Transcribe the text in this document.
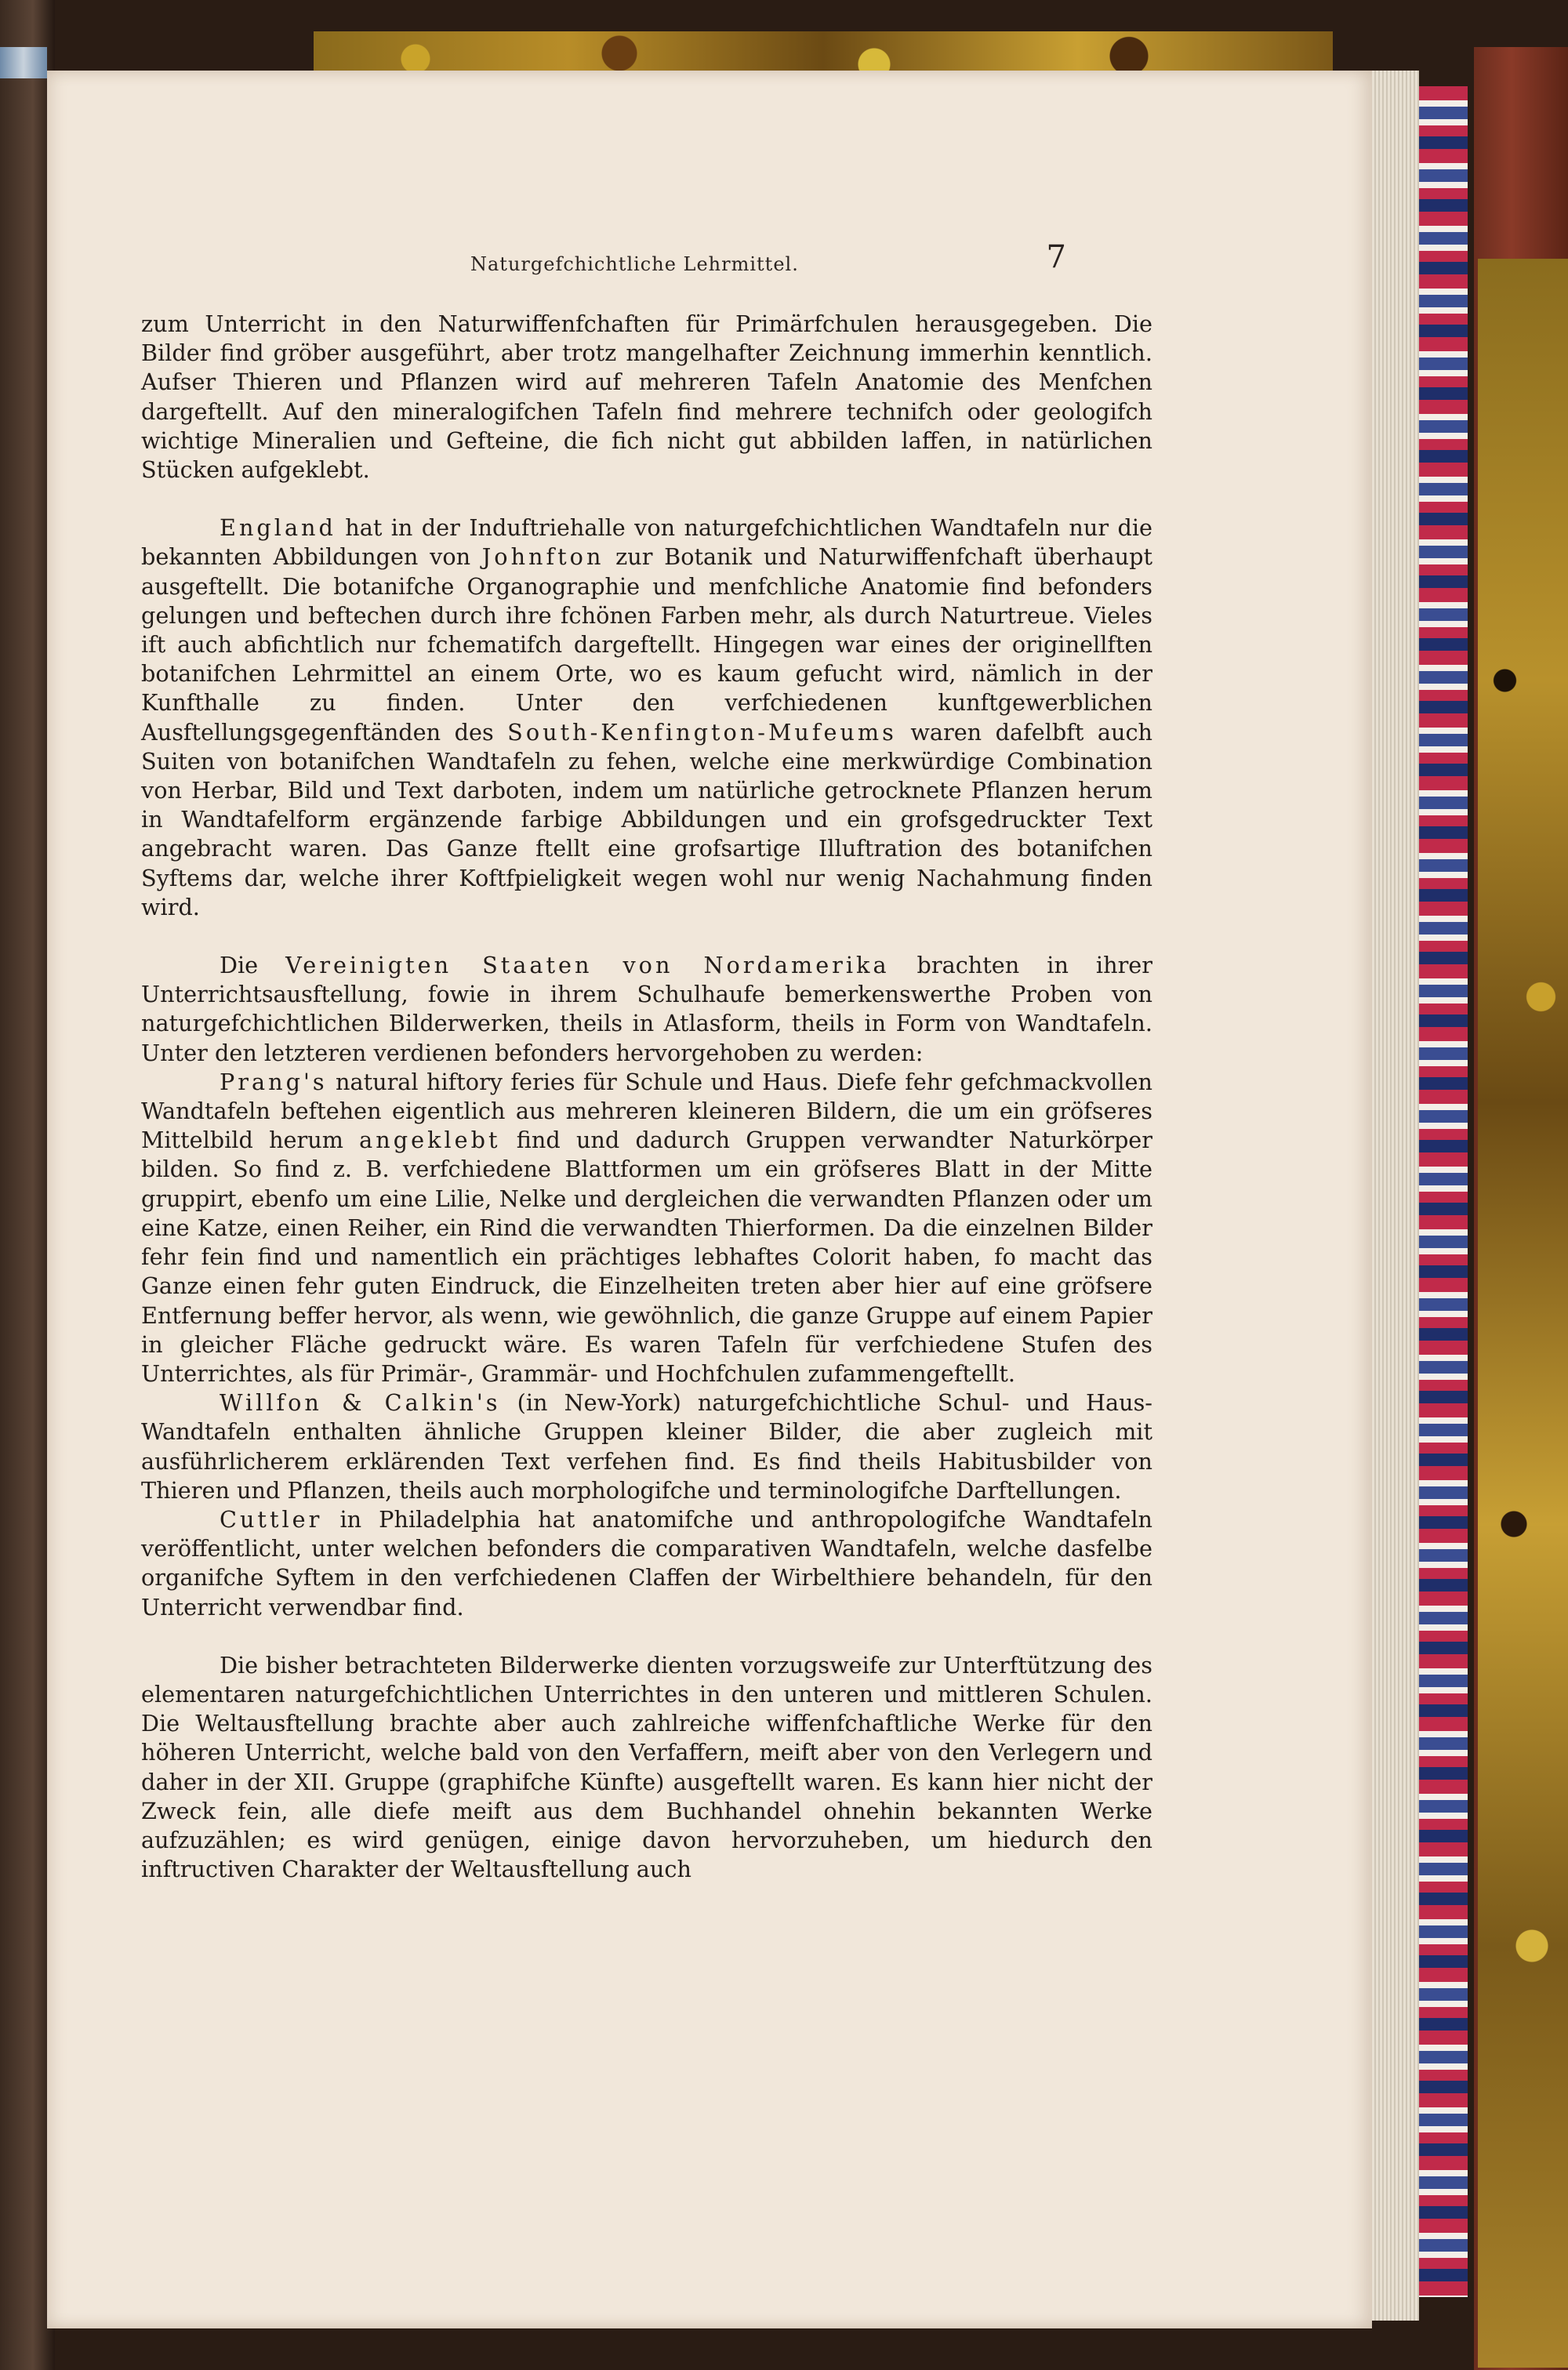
Naturgefchichtliche Lehrmittel.	7

zum Unterricht in den Naturwiffenfchaften für Primärfchulen herausgegeben. Die Bilder find gröber ausgeführt, aber trotz mangelhafter Zeichnung immerhin kenntlich. Aufser Thieren und Pflanzen wird auf mehreren Tafeln Anatomie des Menfchen dargeftellt. Auf den mineralogifchen Tafeln find mehrere technifch oder geologifch wichtige Mineralien und Gefteine, die fich nicht gut abbilden laffen, in natürlichen Stücken aufgeklebt.

England hat in der Induftriehalle von naturgefchichtlichen Wandtafeln nur die bekannten Abbildungen von Johnfton zur Botanik und Naturwiffenfchaft überhaupt ausgeftellt. Die botanifche Organographie und menfchliche Anatomie find befonders gelungen und beftechen durch ihre fchönen Farben mehr, als durch Naturtreue. Vieles ift auch abfichtlich nur fchematifch dargeftellt. Hingegen war eines der originellften botanifchen Lehrmittel an einem Orte, wo es kaum gefucht wird, nämlich in der Kunfthalle zu finden. Unter den verfchiedenen kunftgewerblichen Ausftellungsgegenftänden des South-Kenfington-Mufeums waren dafelbft auch Suiten von botanifchen Wandtafeln zu fehen, welche eine merkwürdige Combination von Herbar, Bild und Text darboten, indem um natürliche getrocknete Pflanzen herum in Wandtafelform ergänzende farbige Abbildungen und ein grofsgedruckter Text angebracht waren. Das Ganze ftellt eine grofsartige Illuftration des botanifchen Syftems dar, welche ihrer Koftfpieligkeit wegen wohl nur wenig Nachahmung finden wird.

Die Vereinigten Staaten von Nordamerika brachten in ihrer Unterrichtsausftellung, fowie in ihrem Schulhaufe bemerkenswerthe Proben von naturgefchichtlichen Bilderwerken, theils in Atlasform, theils in Form von Wandtafeln. Unter den letzteren verdienen befonders hervorgehoben zu werden:

Prang's natural hiftory feries für Schule und Haus. Diefe fehr gefchmackvollen Wandtafeln beftehen eigentlich aus mehreren kleineren Bildern, die um ein gröfseres Mittelbild herum angeklebt find und dadurch Gruppen verwandter Naturkörper bilden. So find z. B. verfchiedene Blattformen um ein gröfseres Blatt in der Mitte gruppirt, ebenfo um eine Lilie, Nelke und dergleichen die verwandten Pflanzen oder um eine Katze, einen Reiher, ein Rind die verwandten Thierformen. Da die einzelnen Bilder fehr fein find und namentlich ein prächtiges lebhaftes Colorit haben, fo macht das Ganze einen fehr guten Eindruck, die Einzelheiten treten aber hier auf eine gröfsere Entfernung beffer hervor, als wenn, wie gewöhnlich, die ganze Gruppe auf einem Papier in gleicher Fläche gedruckt wäre. Es waren Tafeln für verfchiedene Stufen des Unterrichtes, als für Primär-, Grammär- und Hochfchulen zufammengeftellt.

Willfon & Calkin's (in New-York) naturgefchichtliche Schul- und Haus-Wandtafeln enthalten ähnliche Gruppen kleiner Bilder, die aber zugleich mit ausführlicherem erklärenden Text verfehen find. Es find theils Habitusbilder von Thieren und Pflanzen, theils auch morphologifche und terminologifche Darftellungen.

Cuttler in Philadelphia hat anatomifche und anthropologifche Wandtafeln veröffentlicht, unter welchen befonders die comparativen Wandtafeln, welche dasfelbe organifche Syftem in den verfchiedenen Claffen der Wirbelthiere behandeln, für den Unterricht verwendbar find.

Die bisher betrachteten Bilderwerke dienten vorzugsweife zur Unterftützung des elementaren naturgefchichtlichen Unterrichtes in den unteren und mittleren Schulen. Die Weltausftellung brachte aber auch zahlreiche wiffenfchaftliche Werke für den höheren Unterricht, welche bald von den Verfaffern, meift aber von den Verlegern und daher in der XII. Gruppe (graphifche Künfte) ausgeftellt waren. Es kann hier nicht der Zweck fein, alle diefe meift aus dem Buchhandel ohnehin bekannten Werke aufzuzählen; es wird genügen, einige davon hervorzuheben, um hiedurch den inftructiven Charakter der Weltausftellung auch
